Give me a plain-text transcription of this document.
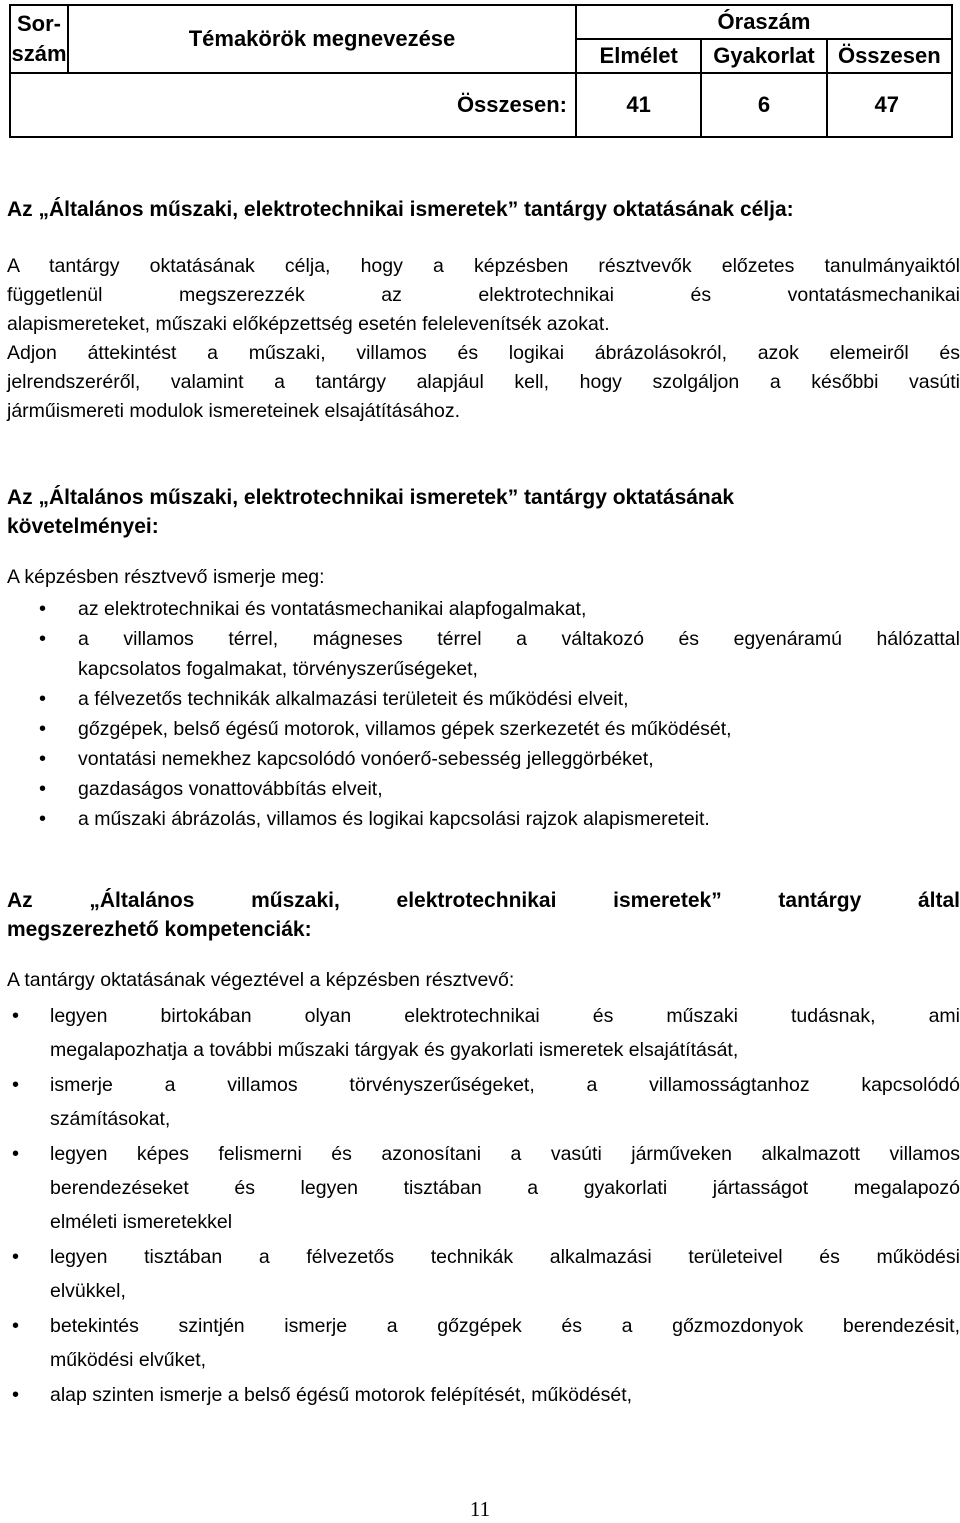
Sor-
szám	Témakörök megnevezése	Óraszám		
		Elmélet	Gyakorlat	Összesen
Összesen:		41	6	47
Az „Általános műszaki, elektrotechnikai ismeretek” tantárgy oktatásának célja:
A tantárgy oktatásának célja, hogy a képzésben résztvevők előzetes tanulmányaiktól
függetlenül megszerezzék az elektrotechnikai és vontatásmechanikai
alapismereteket, műszaki előképzettség esetén felelevenítsék azokat.
Adjon áttekintést a műszaki, villamos és logikai ábrázolásokról, azok elemeiről és
jelrendszeréről, valamint a tantárgy alapjául kell, hogy szolgáljon a későbbi vasúti
járműismereti modulok ismereteinek elsajátításához.
Az „Általános műszaki, elektrotechnikai ismeretek” tantárgy oktatásának
követelményei:

A képzésben résztvevő ismerje meg:

• az elektrotechnikai és vontatásmechanikai alapfogalmakat,
• a villamos térrel, mágneses térrel a váltakozó és egyenáramú hálózattal
kapcsolatos fogalmakat, törvényszerűségeket,
• a félvezetős technikák alkalmazási területeit és működési elveit,
• gőzgépek, belső égésű motorok, villamos gépek szerkezetét és működését,
• vontatási nemekhez kapcsolódó vonóerő-sebesség jelleggörbéket,
• gazdaságos vonattovábbítás elveit,
• a műszaki ábrázolás, villamos és logikai kapcsolási rajzok alapismereteit.
Az „Általános műszaki, elektrotechnikai ismeretek” tantárgy által
megszerezhető kompetenciák:

A tantárgy oktatásának végeztével a képzésben résztvevő:

• legyen birtokában olyan elektrotechnikai és műszaki tudásnak, ami
megalapozhatja a további műszaki tárgyak és gyakorlati ismeretek elsajátítását,
• ismerje a villamos törvényszerűségeket, a villamosságtanhoz kapcsolódó
számításokat,
• legyen képes felismerni és azonosítani a vasúti járműveken alkalmazott villamos
berendezéseket és legyen tisztában a gyakorlati jártasságot megalapozó
elméleti ismeretekkel
• legyen tisztában a félvezetős technikák alkalmazási területeivel és működési
elvükkel,
• betekintés szintjén ismerje a gőzgépek és a gőzmozdonyok berendezésit,
működési elvűket,
• alap szinten ismerje a belső égésű motorok felépítését, működését,
11
